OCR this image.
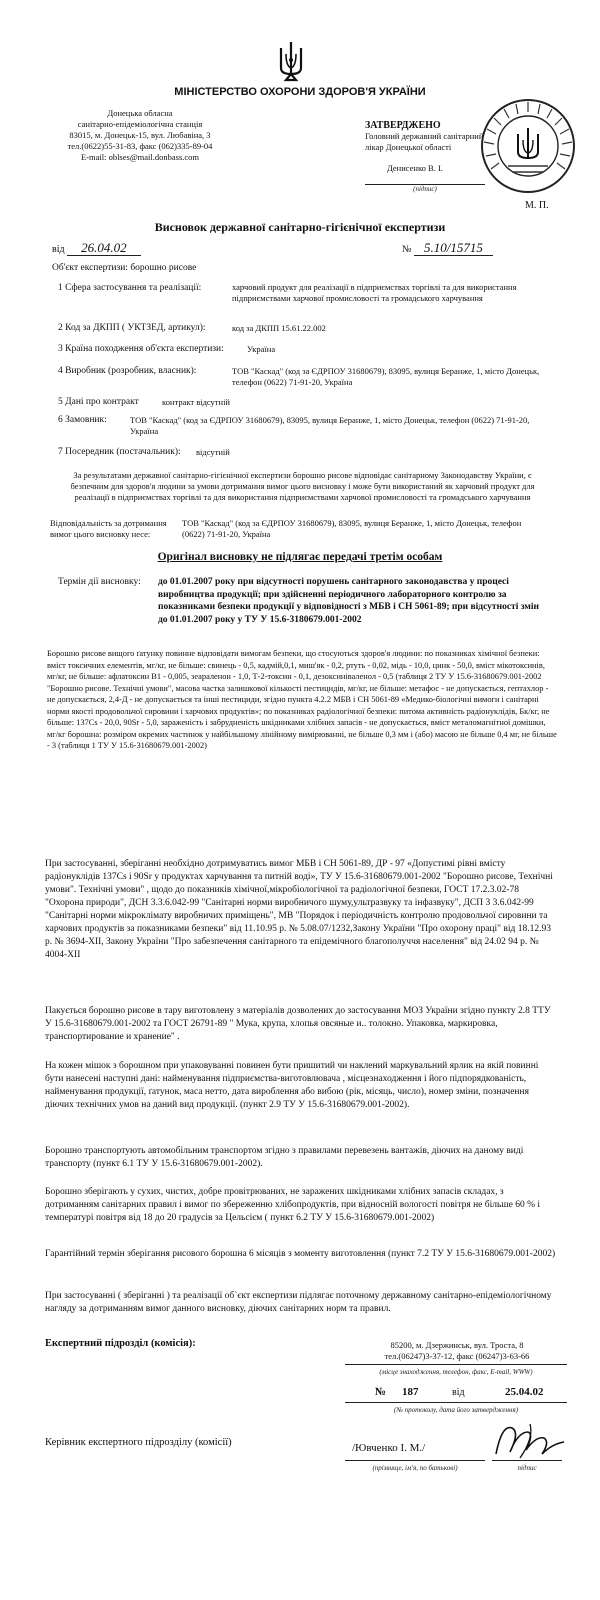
МІНІСТЕРСТВО ОХОРОНИ ЗДОРОВ'Я УКРАЇНИ
Донецька обласна
санітарно-епідеміологічна станція
83015, м. Донецьк-15, вул. Любавіна, 3
тел.(0622)55-31-83, факс (062)335-89-04
E-mail: oblses@mail.donbass.com
ЗАТВЕРДЖЕНО
Головний державний санітарний
лікар Донецької області
Денисенко В. І.
(підпис)
М. П.
Висновок державної санітарно-гігієнічної експертизи
від 26.04.02	№ 5.10/15715
Об'єкт експертизи: борошно рисове
1 Сфера застосування та реалізації:	харчовий продукт для реалізації в підприємствах торгівлі та для використання підприємствами харчової промисловості та громадського харчування
2 Код за ДКПП ( УКТЗЕД, артикул):	код за ДКПП 15.61.22.002
3 Країна походження об'єкта експертизи:	Україна
4 Виробник (розробник, власник):	ТОВ "Каскад" (код за ЄДРПОУ 31680679), 83095, вулиця Беранже, 1, місто Донецьк, телефон (0622) 71-91-20, Україна
5 Дані про контракт	контракт відсутній
6 Замовник:	ТОВ "Каскад" (код за ЄДРПОУ 31680679), 83095, вулиця Беранже, 1, місто Донецьк, телефон (0622) 71-91-20, Україна
7 Посередник (постачальник): відсутній
За результатами державної санітарно-гігієнічної експертизи борошно рисове відповідає санітарному Законодавству України, є безпечним для здоров'я людини за умови дотримання вимог цього висновку і може бути використаний як харчовий продукт для реалізації в підприємствах торгівлі та для використання підприємствами харчової промисловості та громадського харчування
Відповідальність за дотримання вимог цього висновку несе:
ТОВ "Каскад" (код за ЄДРПОУ 31680679), 83095, вулиця Беранже, 1, місто Донецьк, телефон (0622) 71-91-20, Україна
Оригінал висновку не підлягає передачі третім особам
Термін дії висновку: до 01.01.2007 року при відсутності порушень санітарного законодавства у процесі виробництва продукції; при здійсненні періодичного лабораторного контролю за показниками безпеки продукції у відповідності з МБВ і СН 5061-89; при відсутності змін до 01.01.2007 року у ТУ У 15.6-3180679.001-2002
Борошно рисове вищого ґатунку повинне відповідати вимогам безпеки, що стосуються здоров'я людини: по показниках хімічної безпеки: вміст токсичних елементів, мг/кг, не більше: свинець - 0,5, кадмій,0,1, миш'як - 0,2, ртуть - 0,02, мідь - 10,0, цинк - 50,0, вміст мікотоксинів, мг/кг, не більше: афлатоксин В1 - 0,005, зеараленон - 1,0, Т-2-токсин - 0,1, дезоксиніваленол - 0,5 (таблиця 2 ТУ У 15.6-31680679.001-2002 "Борошно рисове. Технічні умови", масова частка залишкової кількості пестицидів, мг/кг, не більше: метафос - не допускається, гептахлор - не допускається, 2,4-Д - не допускається та інші пестициди, згідно пункта 4.2.2 МБВ і СН 5061-89 «Медико-біологічні вимоги і санітарні норми якості продовольчої сировини і харчових продуктів»; по показниках радіологічної безпеки: питома активність радіонуклідів, Бк/кг, не більше: 137Cs - 20,0, 90Sr - 5,0, зараженість і забрудненість шкідниками хлібних запасів - не допускається, вміст металомагнітної домішки, мг/кг борошна: розміром окремих частинок у найбільшому лінійному вимірюванні, не більше 0,3 мм і (або) масою не більше 0,4 мг, не більше - 3 (таблиця 1 ТУ У 15.6-31680679.001-2002)
При застосуванні, зберіганні необхідно дотримуватись вимог МБВ і СН 5061-89, ДР - 97 «Допустимі рівні вмісту радіонуклідів 137Cs і 90Sr у продуктах харчування та питній воді», ТУ У 15.6-31680679.001-2002 "Борошно рисове, Технічні умови". Технічні умови" , щодо до показників хімічної,мікробіологічної та радіологічної безпеки, ГОСТ 17.2.3.02-78 "Охорона природи", ДСН 3.3.6.042-99 "Санітарні норми виробничого шуму,ультразвуку та інфазвуку", ДСП 3 3.6.042-99 "Санітарні норми мікроклімату виробничих приміщень", МВ "Порядок і періодичність контролю продовольчої сировини та харчових продуктів за показниками безпеки" від 11.10.95 р. № 5.08.07/1232,Закону України "Про охорону праці" від 18.12.93 р. № 3694-XII, Закону України "Про забезпечення санітарного та епідемічного благополуччя населення" від 24.02 94 р. № 4004-XII
Пакується борошно рисове в тару виготовлену з матеріалів дозволених до застосування МОЗ України згідно пункту 2.8 ТТУ У 15.6-31680679.001-2002 та ГОСТ 26791-89 " Мука, крупа, хлопья овсяные и.. толокно. Упаковка, маркировка, транспортирование и хранение" .
На кожен мішок з борошном при упаковуванні повинен бути пришитий чи наклений маркувальний ярлик на якій повинні бути нанесені наступні дані: найменування підприємства-виготовлювача , місцезнаходження і його підпорядкованість, найменування продукції, ґатунок, маса нетто, дата вироблення або вибою (рік, місяць, число), номер зміни, позначення діючих технічних умов на даний вид продукції. (пункт 2.9 ТУ У 15.6-31680679.001-2002).
Борошно транспортують автомобільним транспортом згідно з правилами перевезень вантажів, діючих на даному виді транспорту (пункт 6.1 ТУ У 15.6-31680679.001-2002).
Борошно зберігають у сухих, чистих, добре провітрюваних, не заражених шкідниками хлібних запасів складах, з дотриманням санітарних правил і вимог по збереженню хлібопродуктів, при відносній вологості повітря не більше 60 % і температурі повітря від 18 до 20 градусів за Цельсієм ( пункт 6.2 ТУ У 15.6-31680679.001-2002)
Гарантійний термін зберігання рисового борошна 6 місяців з моменту виготовлення (пункт 7.2 ТУ У 15.6-31680679.001-2002)
При застосуванні ( зберіганні ) та реалізації об`єкт експертизи підлягає поточному державному санітарно-епідеміологічному нагляду за дотриманням вимог данного висновку, діючих санітарних норм та правил.
Експертний підрозділ (комісія):	85200, м. Дзержинськ, вул. Троста, 8
тел.(06247)3-37-12, факс (06247)3-63-66
(місце знаходження, телефон, факс, E-mail, WWW)
№ 187	від	25.04.02
(№ протоколу, дата його затвердження)
Керівник експертного підрозділу (комісії)	/Ювченко І. М./
(прізвище, ім'я, по батькові)	підпис
